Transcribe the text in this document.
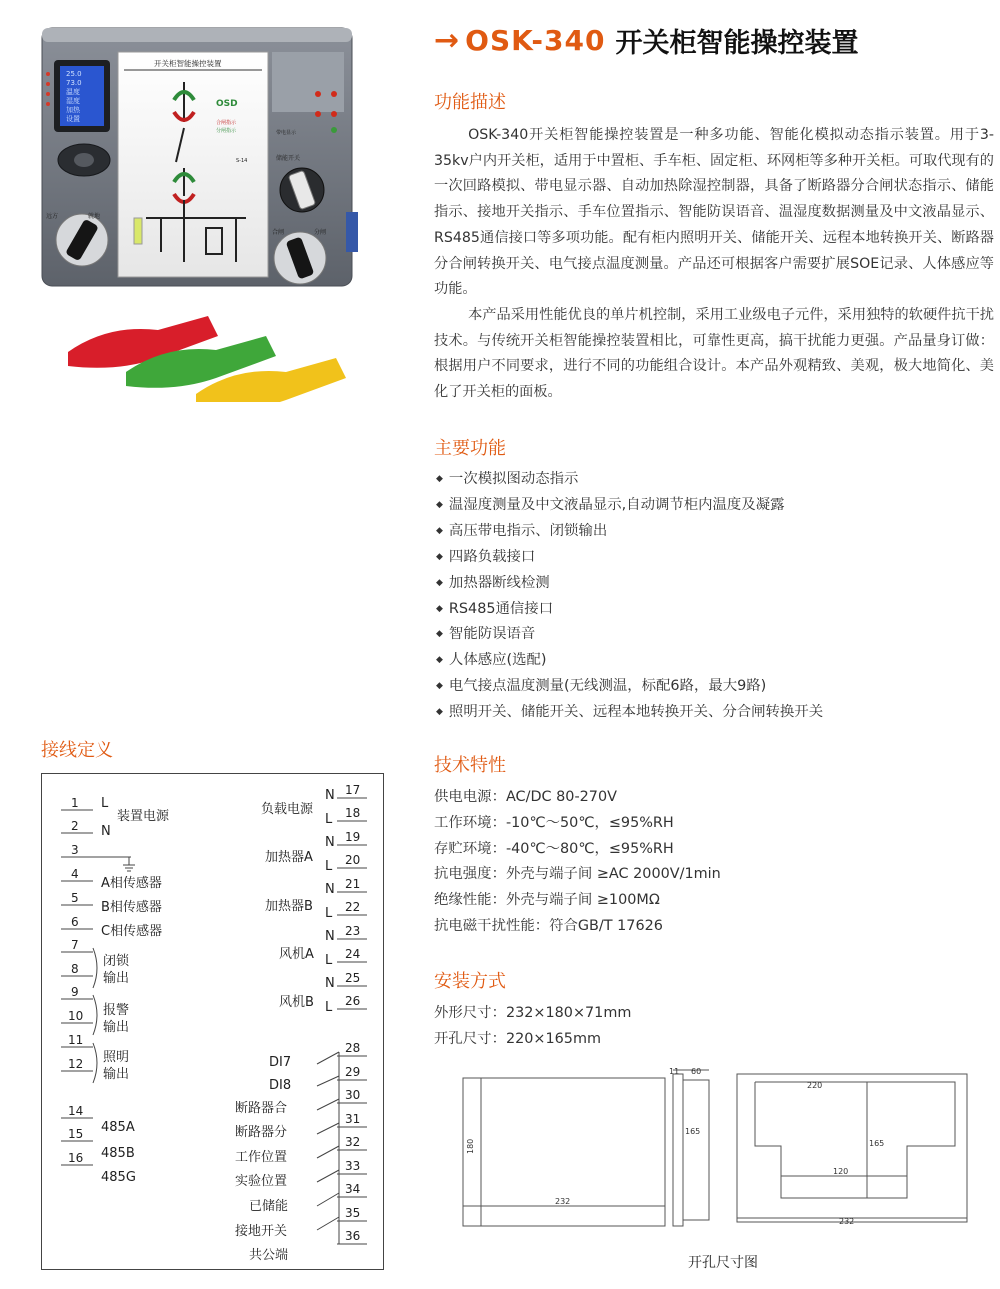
→ OSK-340 开关柜智能操控装置
25.0
73.0
温度
湿度
加热
设置
开关柜智能操控装置
OSD
合闸指示
分闸指示	带电显示
就地
远方
储能开关
S-14
合闸	分闸
功能描述

OSK-340开关柜智能操控装置是一种多功能、智能化模拟动态指示装置。用于3-35kv户内开关柜，适用于中置柜、手车柜、固定柜、环网柜等多种开关柜。可取代现有的一次回路模拟、带电显示器、自动加热除湿控制器，具备了断路器分合闸状态指示、储能指示、接地开关指示、手车位置指示、智能防误语音、温湿度数据测量及中文液晶显示、RS485通信接口等多项功能。配有柜内照明开关、储能开关、远程本地转换开关、断路器分合闸转换开关、电气接点温度测量。产品还可根据客户需要扩展SOE记录、人体感应等功能。

本产品采用性能优良的单片机控制，采用工业级电子元件，采用独特的软硬件抗干扰技术。与传统开关柜智能操控装置相比，可靠性更高，搞干扰能力更强。产品量身订做：根据用户不同要求，进行不同的功能组合设计。本产品外观精致、美观，极大地简化、美化了开关柜的面板。

主要功能
◆ 一次模拟图动态指示
◆ 温湿度测量及中文液晶显示,自动调节柜内温度及凝露
◆ 高压带电指示、闭锁输出
◆ 四路负载接口
◆ 加热器断线检测
◆ RS485通信接口
◆ 智能防误语音
◆ 人体感应(选配)
◆ 电气接点温度测量(无线测温，标配6路，最大9路)
◆ 照明开关、储能开关、远程本地转换开关、分合闸转换开关
技术特性
供电电源：AC/DC 80-270V
工作环境：-10℃～50℃，≤95%RH
存贮环境：-40℃～80℃，≤95%RH
抗电强度：外壳与端子间 ≥AC 2000V/1min
绝缘性能：外壳与端子间 ≥100MΩ
抗电磁干扰性能：符合GB/T 17626
安装方式
外形尺寸：232×180×71mm
开孔尺寸：220×165mm
232
180
11 60
165
220
165
120
232
开孔尺寸图
接线定义
1
2
3
4
5
6
7
8
9
10
11
12
14
15
16
L
N
装置电源
A相传感器
B相传感器
C相传感器
闭锁
输出
报警
输出
照明
输出
485A
485B
485G
17
18
19
20
21
22
23
24
25
26
28
29
30
31
32
33
34
35
36
N
L
N
L
N
L
N
L
N
L
负载电源
加热器A
加热器B
风机A
风机B
DI7
DI8
断路器合
断路器分
工作位置
实验位置
已储能
接地开关
共公端
